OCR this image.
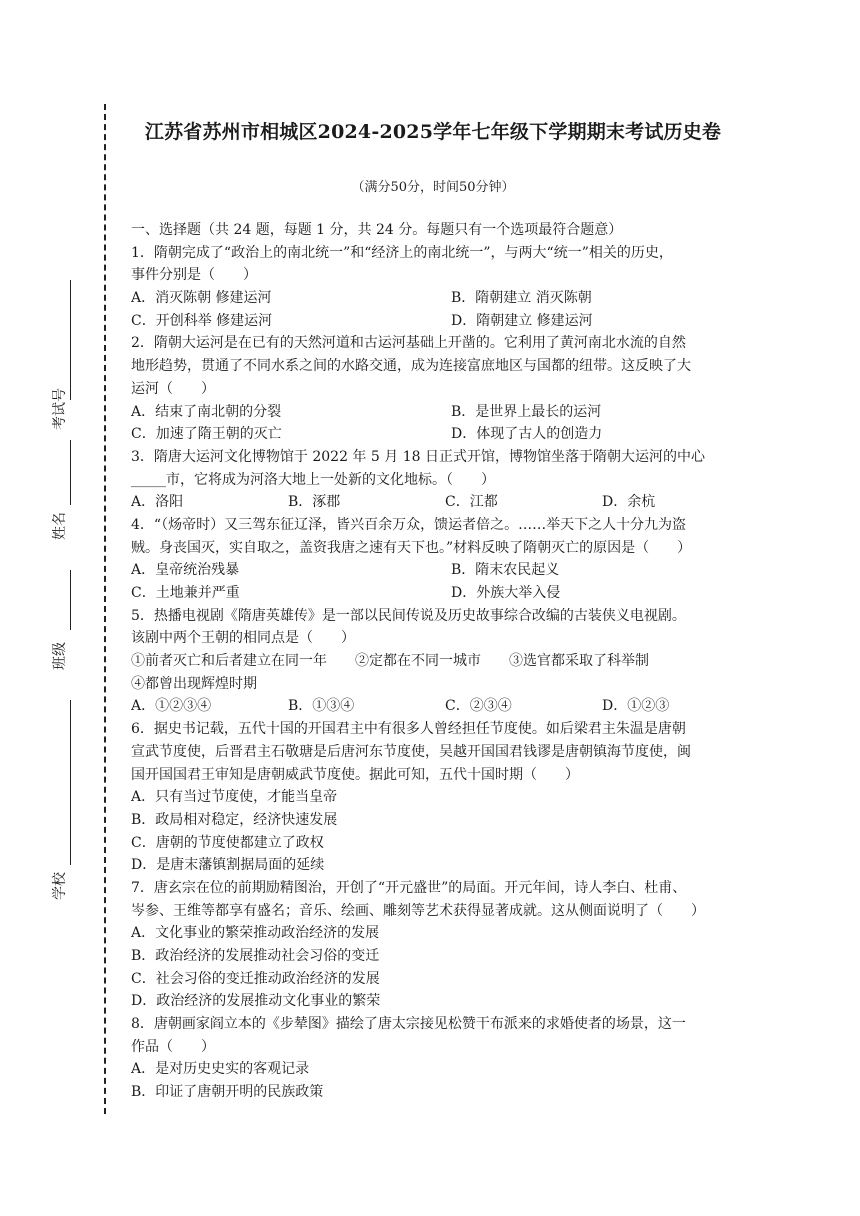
考试号
姓名
班级
学校
江苏省苏州市相城区2024-2025学年七年级下学期期末考试历史卷
（满分50分，时间50分钟）
一、选择题（共 24 题，每题 1 分，共 24 分。每题只有一个选项最符合题意）
1．隋朝完成了“政治上的南北统一”和“经济上的南北统一”，与两大“统一”相关的历史，
事件分别是（　　）
A．消灭陈朝 修建运河	B．隋朝建立 消灭陈朝
C．开创科举 修建运河	D．隋朝建立 修建运河
2．隋朝大运河是在已有的天然河道和古运河基础上开凿的。它利用了黄河南北水流的自然
地形趋势，贯通了不同水系之间的水路交通，成为连接富庶地区与国都的纽带。这反映了大
运河（　　）
A．结束了南北朝的分裂	B．是世界上最长的运河
C．加速了隋王朝的灭亡	D．体现了古人的创造力
3．隋唐大运河文化博物馆于 2022 年 5 月 18 日正式开馆，博物馆坐落于隋朝大运河的中心
_____市，它将成为河洛大地上一处新的文化地标。（　　）
A．洛阳	B．涿郡	C．江都	D．余杭
4．“（炀帝时）又三驾东征辽泽，皆兴百余万众，馈运者倍之。……举天下之人十分九为盗
贼。身丧国灭，实自取之，盖资我唐之速有天下也。”材料反映了隋朝灭亡的原因是（　　）
A．皇帝统治残暴	B．隋末农民起义
C．土地兼并严重	D．外族大举入侵
5．热播电视剧《隋唐英雄传》是一部以民间传说及历史故事综合改编的古装侠义电视剧。
该剧中两个王朝的相同点是（　　）
①前者灭亡和后者建立在同一年　　②定都在不同一城市　　③选官都采取了科举制
④都曾出现辉煌时期
A．①②③④	B．①③④	C．②③④	D．①②③
6．据史书记载，五代十国的开国君主中有很多人曾经担任节度使。如后梁君主朱温是唐朝
宣武节度使，后晋君主石敬瑭是后唐河东节度使，吴越开国国君钱谬是唐朝镇海节度使，闽
国开国国君王审知是唐朝威武节度使。据此可知，五代十国时期（　　）
A．只有当过节度使，才能当皇帝
B．政局相对稳定，经济快速发展
C．唐朝的节度使都建立了政权
D．是唐末藩镇割据局面的延续
7．唐玄宗在位的前期励精图治，开创了“开元盛世”的局面。开元年间，诗人李白、杜甫、
岑参、王维等都享有盛名；音乐、绘画、雕刻等艺术获得显著成就。这从侧面说明了（　　）
A．文化事业的繁荣推动政治经济的发展
B．政治经济的发展推动社会习俗的变迁
C．社会习俗的变迁推动政治经济的发展
D．政治经济的发展推动文化事业的繁荣
8．唐朝画家阎立本的《步辇图》描绘了唐太宗接见松赞干布派来的求婚使者的场景，这一
作品（　　）
A．是对历史史实的客观记录
B．印证了唐朝开明的民族政策
